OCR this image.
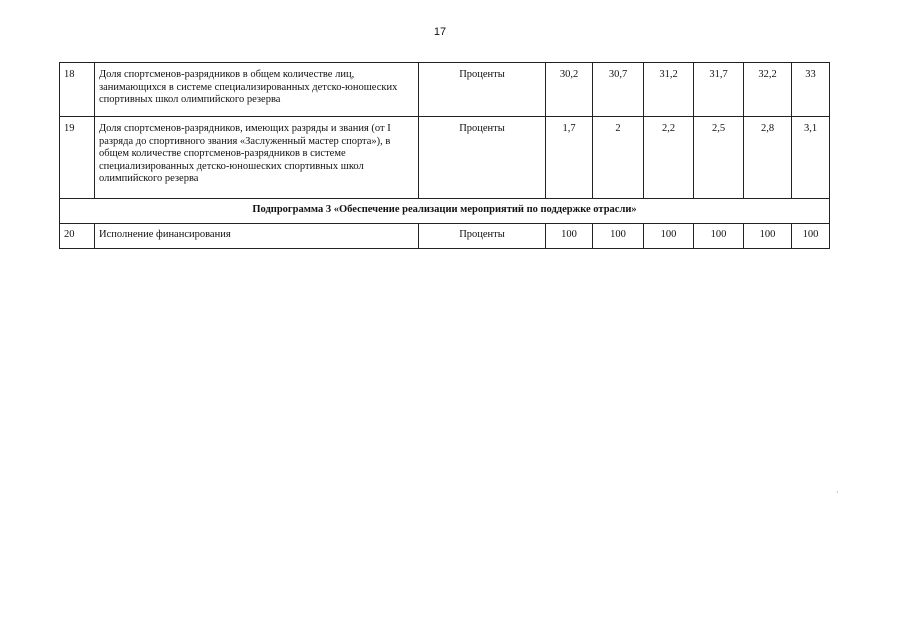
17
18	Доля спортсменов-разрядников в общем количестве лиц, занимающихся в системе специализированных детско-юношеских спортивных школ олимпийского резерва	Проценты	30,2	30,7	31,2	31,7	32,2	33
19	Доля спортсменов-разрядников, имеющих разряды и звания (от I разряда до спортивного звания «Заслуженный мастер спорта»), в общем количестве спортсменов-разрядников в системе специализированных детско-юношеских спортивных школ олимпийского резерва	Проценты	1,7	2	2,2	2,5	2,8	3,1
Подпрограмма 3 «Обеспечение реализации мероприятий по поддержке отрасли»								
20	Исполнение финансирования	Проценты	100	100	100	100	100	100
·
